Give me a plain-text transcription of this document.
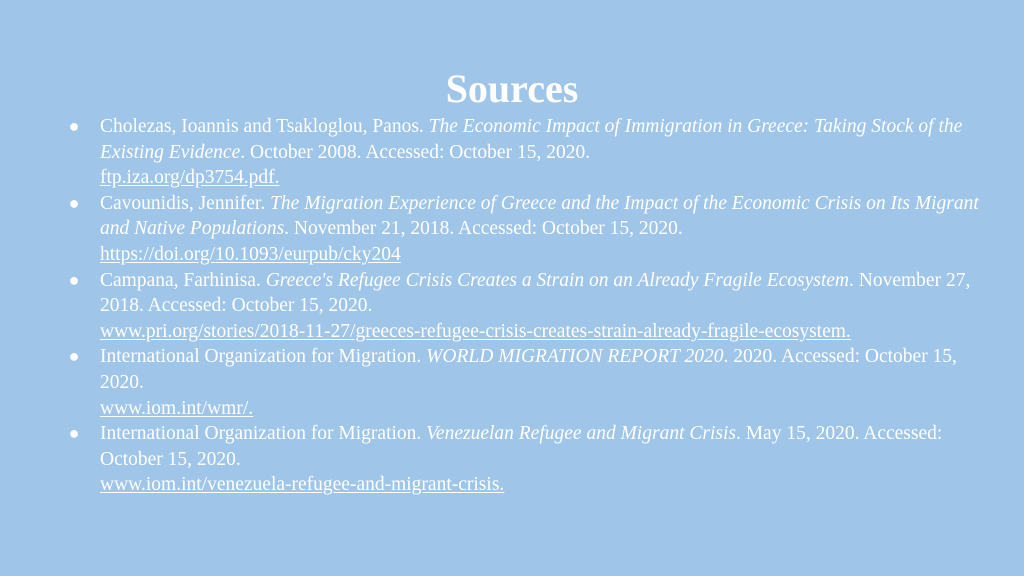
Sources
● Cholezas, Ioannis and Tsakloglou, Panos. The Economic Impact of Immigration in Greece: Taking Stock of the Existing Evidence. October 2008. Accessed: October 15, 2020.
ftp.iza.org/dp3754.pdf.
● Cavounidis, Jennifer. The Migration Experience of Greece and the Impact of the Economic Crisis on Its Migrant and Native Populations. November 21, 2018. Accessed: October 15, 2020.
https://doi.org/10.1093/eurpub/cky204
● Campana, Farhinisa. Greece's Refugee Crisis Creates a Strain on an Already Fragile Ecosystem. November 27, 2018. Accessed: October 15, 2020.
www.pri.org/stories/2018-11-27/greeces-refugee-crisis-creates-strain-already-fragile-ecosystem.
● International Organization for Migration. WORLD MIGRATION REPORT 2020. 2020. Accessed: October 15, 2020.
www.iom.int/wmr/.
● International Organization for Migration. Venezuelan Refugee and Migrant Crisis. May 15, 2020. Accessed: October 15, 2020.
www.iom.int/venezuela-refugee-and-migrant-crisis.
